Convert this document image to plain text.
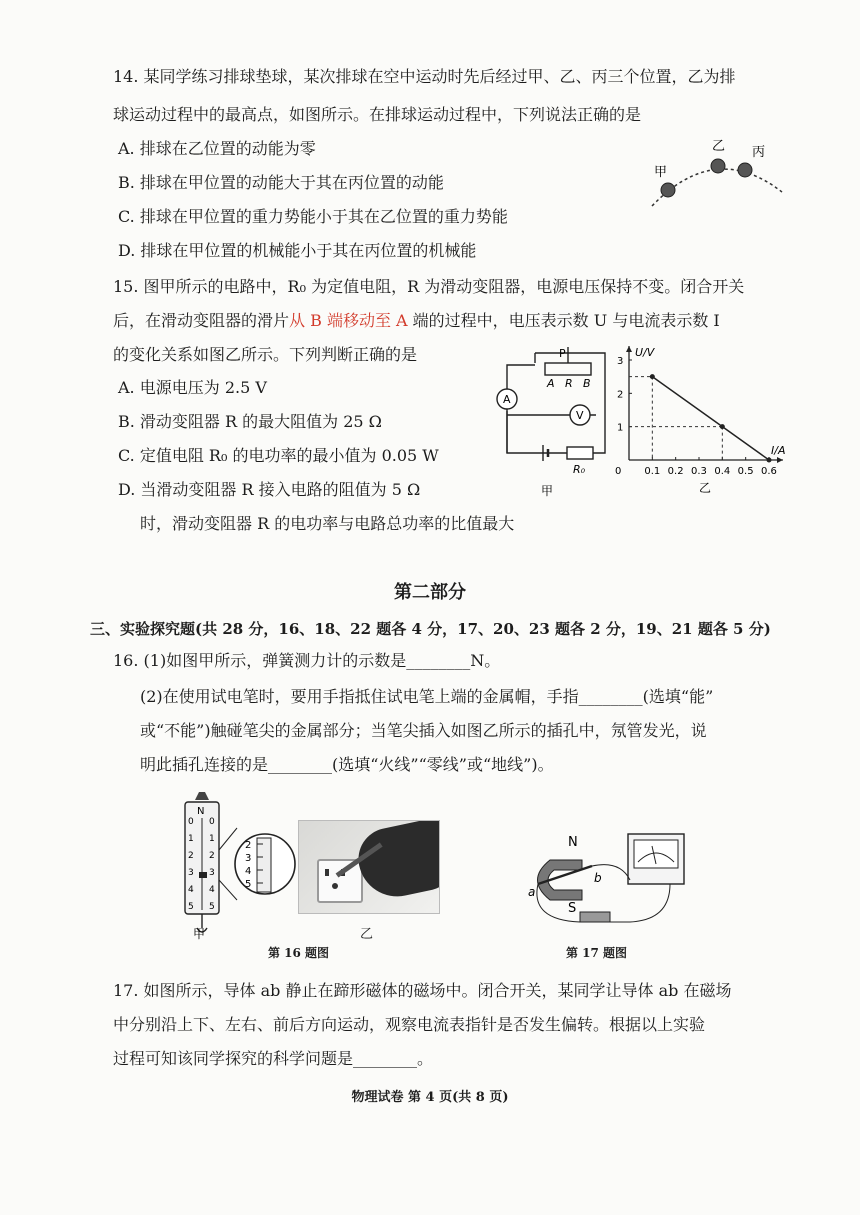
14. 某同学练习排球垫球，某次排球在空中运动时先后经过甲、乙、丙三个位置，乙为排
球运动过程中的最高点，如图所示。在排球运动过程中，下列说法正确的是
A. 排球在乙位置的动能为零
B. 排球在甲位置的动能大于其在丙位置的动能
C. 排球在甲位置的重力势能小于其在乙位置的重力势能
D. 排球在甲位置的机械能小于其在丙位置的机械能
甲
乙 丙
15. 图甲所示的电路中，R₀ 为定值电阻，R 为滑动变阻器，电源电压保持不变。闭合开关
后，在滑动变阻器的滑片从 B 端移动至 A 端的过程中，电压表示数 U 与电流表示数 I
的变化关系如图乙所示。下列判断正确的是
A. 电源电压为 2.5 V
B. 滑动变阻器 R 的最大阻值为 25 Ω
C. 定值电阻 R₀ 的电功率的最小值为 0.05 W
D. 当滑动变阻器 R 接入电路的阻值为 5 Ω
时，滑动变阻器 R 的电功率与电路总功率的比值最大
P
A R B
A
V
R₀
甲
I/A
U/V
0 0.1 0.2 0.3 0.4 0.5 0.6
1
2
3
乙
第二部分
三、实验探究题(共 28 分，16、18、22 题各 4 分，17、20、23 题各 2 分，19、21 题各 5 分)
16. (1)如图甲所示，弹簧测力计的示数是________N。
(2)在使用试电笔时，要用手指抵住试电笔上端的金属帽，手指________(选填“能”
或“不能”)触碰笔尖的金属部分；当笔尖插入如图乙所示的插孔中，氖管发光，说
明此插孔连接的是________(选填“火线”“零线”或“地线”)。
N
0 0
1 1
2 2
3 3
4 4
5 5
2
3
4
5
甲	乙
第 16 题图
N
S
a
b
第 17 题图
17. 如图所示，导体 ab 静止在蹄形磁体的磁场中。闭合开关，某同学让导体 ab 在磁场
中分别沿上下、左右、前后方向运动，观察电流表指针是否发生偏转。根据以上实验
过程可知该同学探究的科学问题是________。
物理试卷 第 4 页(共 8 页)
